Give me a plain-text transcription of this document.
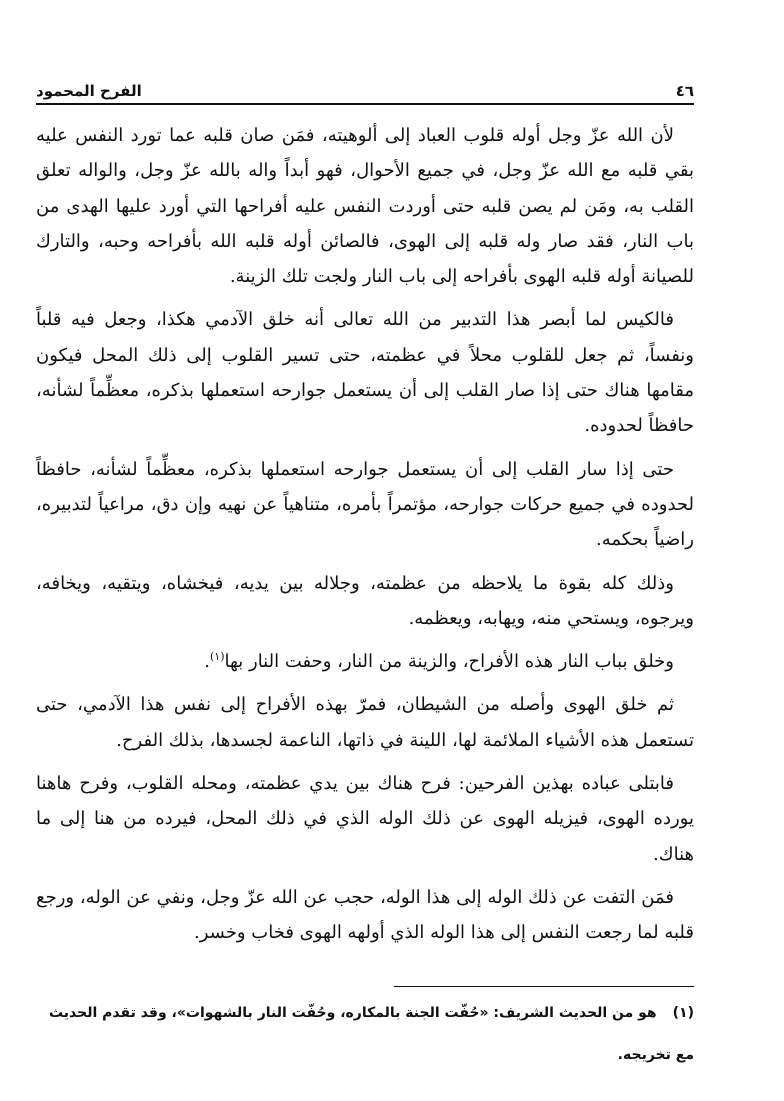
٤٦
الفرح المحمود

لأن الله عزّ وجل أوله قلوب العباد إلى ألوهيته، فمَن صان قلبه عما تورد النفس عليه بقي قلبه مع الله عزّ وجل، في جميع الأحوال، فهو أبداً واله بالله عزّ وجل، والواله تعلق القلب به، ومَن لم يصن قلبه حتى أوردت النفس عليه أفراحها التي أورد عليها الهدى من باب النار، فقد صار وله قلبه إلى الهوى، فالصائن أوله قلبه الله بأفراحه وحبه، والتارك للصيانة أوله قلبه الهوى بأفراحه إلى باب النار ولجت تلك الزينة.

فالكيس لما أبصر هذا التدبير من الله تعالى أنه خلق الآدمي هكذا، وجعل فيه قلباً ونفساً، ثم جعل للقلوب محلاً في عظمته، حتى تسير القلوب إلى ذلك المحل فيكون مقامها هناك حتى إذا صار القلب إلى أن يستعمل جوارحه استعملها بذكره، معظِّماً لشأنه، حافظاً لحدوده.

حتى إذا سار القلب إلى أن يستعمل جوارحه استعملها بذكره، معظِّماً لشأنه، حافظاً لحدوده في جميع حركات جوارحه، مؤتمراً بأمره، متناهياً عن نهيه وإن دق، مراعياً لتدبيره، راضياً بحكمه.

وذلك كله بقوة ما يلاحظه من عظمته، وجلاله بين يديه، فيخشاه، ويتقيه، ويخافه، ويرجوه، ويستحي منه، ويهابه، ويعظمه.

وخلق بباب النار هذه الأفراح، والزينة من النار، وحفت النار بها$^{(١)}$.

ثم خلق الهوى وأصله من الشيطان، فمرّ بهذه الأفراح إلى نفس هذا الآدمي، حتى تستعمل هذه الأشياء الملائمة لها، اللينة في ذاتها، الناعمة لجسدها، بذلك الفرح.

فابتلى عباده بهذين الفرحين: فرح هناك بين يدي عظمته، ومحله القلوب، وفرح هاهنا يورده الهوى، فيزيله الهوى عن ذلك الوله الذي في ذلك المحل، فيرده من هنا إلى ما هناك.

فمَن التفت عن ذلك الوله إلى هذا الوله، حجب عن الله عزّ وجل، ونفي عن الوله، ورجع قلبه لما رجعت النفس إلى هذا الوله الذي أولهه الهوى فخاب وخسر.

(١)هو من الحديث الشريف: «حُفّت الجنة بالمكاره، وحُفّت النار بالشهوات»، وقد تقدم الحديث مع تخريجه.
